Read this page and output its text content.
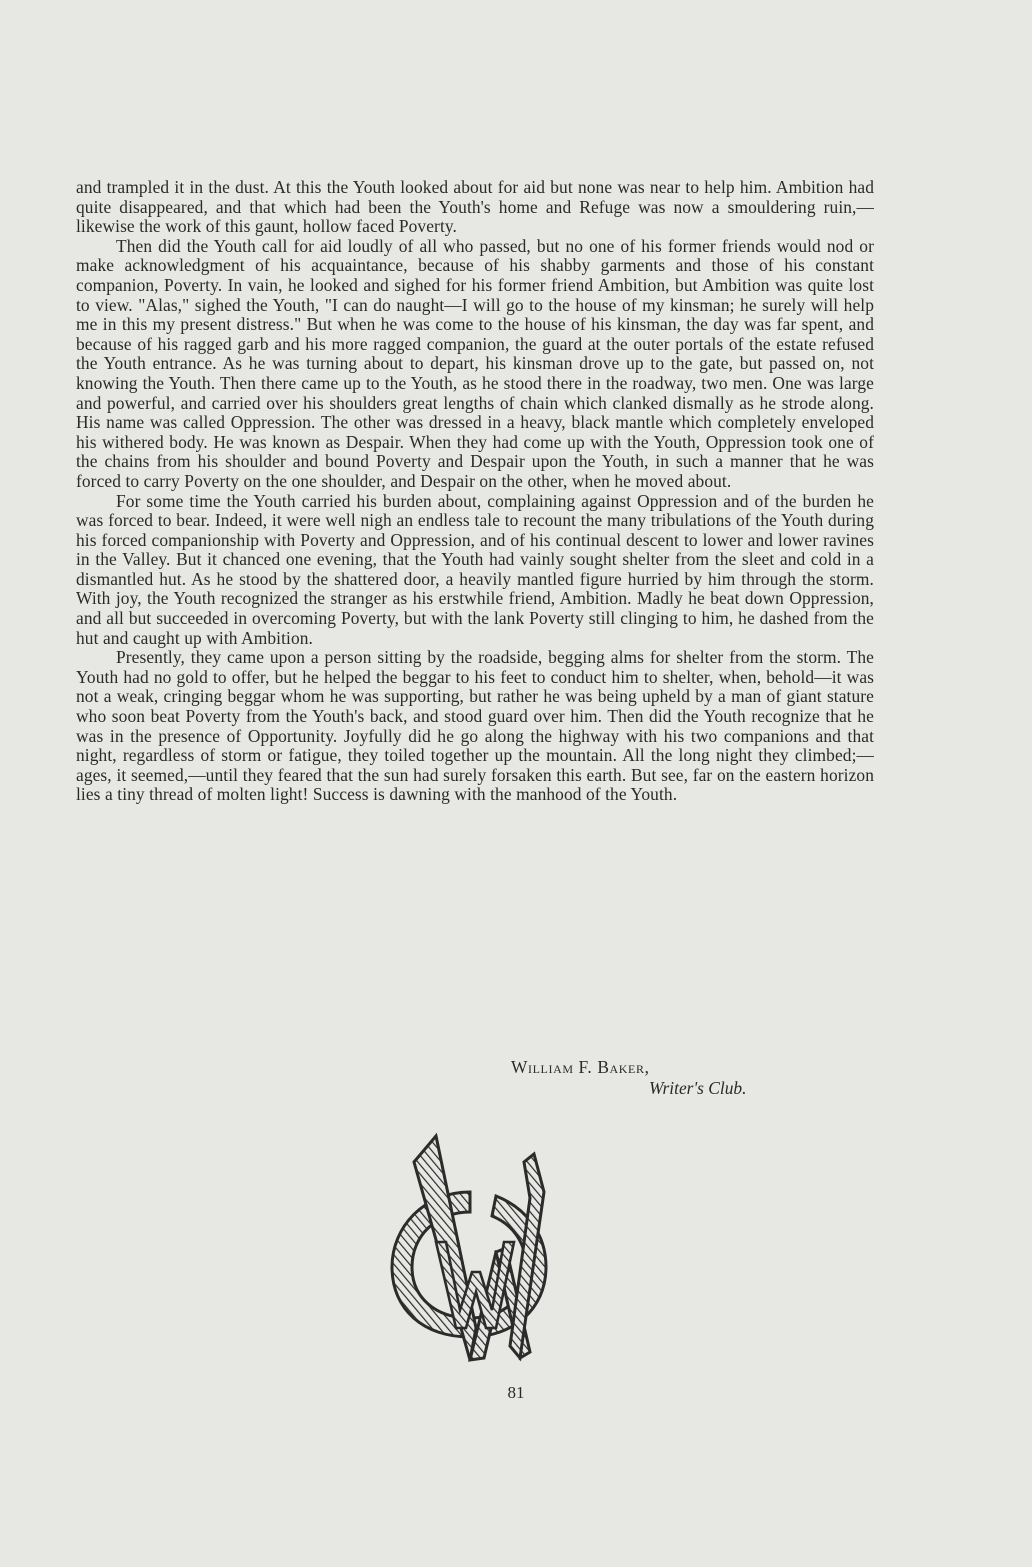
and trampled it in the dust. At this the Youth looked about for aid but none was near to help him. Ambition had quite disappeared, and that which had been the Youth's home and Refuge was now a smouldering ruin,—likewise the work of this gaunt, hollow faced Poverty.

Then did the Youth call for aid loudly of all who passed, but no one of his former friends would nod or make acknowledgment of his acquaintance, because of his shabby garments and those of his constant companion, Poverty. In vain, he looked and sighed for his former friend Ambition, but Ambition was quite lost to view. "Alas," sighed the Youth, "I can do naught—I will go to the house of my kinsman; he surely will help me in this my present distress." But when he was come to the house of his kinsman, the day was far spent, and because of his ragged garb and his more ragged companion, the guard at the outer portals of the estate refused the Youth entrance. As he was turning about to depart, his kinsman drove up to the gate, but passed on, not knowing the Youth. Then there came up to the Youth, as he stood there in the roadway, two men. One was large and powerful, and carried over his shoulders great lengths of chain which clanked dismally as he strode along. His name was called Oppression. The other was dressed in a heavy, black mantle which completely enveloped his withered body. He was known as Despair. When they had come up with the Youth, Oppression took one of the chains from his shoulder and bound Poverty and Despair upon the Youth, in such a manner that he was forced to carry Poverty on the one shoulder, and Despair on the other, when he moved about.

For some time the Youth carried his burden about, complaining against Oppression and of the burden he was forced to bear. Indeed, it were well nigh an endless tale to recount the many tribulations of the Youth during his forced companionship with Poverty and Oppression, and of his continual descent to lower and lower ravines in the Valley. But it chanced one evening, that the Youth had vainly sought shelter from the sleet and cold in a dismantled hut. As he stood by the shattered door, a heavily mantled figure hurried by him through the storm. With joy, the Youth recognized the stranger as his erstwhile friend, Ambition. Madly he beat down Oppression, and all but succeeded in overcoming Poverty, but with the lank Poverty still clinging to him, he dashed from the hut and caught up with Ambition.

Presently, they came upon a person sitting by the roadside, begging alms for shelter from the storm. The Youth had no gold to offer, but he helped the beggar to his feet to conduct him to shelter, when, behold—it was not a weak, cringing beggar whom he was supporting, but rather he was being upheld by a man of giant stature who soon beat Poverty from the Youth's back, and stood guard over him. Then did the Youth recognize that he was in the presence of Opportunity. Joyfully did he go along the highway with his two companions and that night, regardless of storm or fatigue, they toiled together up the mountain. All the long night they climbed;—ages, it seemed,—until they feared that the sun had surely forsaken this earth. But see, far on the eastern horizon lies a tiny thread of molten light! Success is dawning with the manhood of the Youth.

William F. Baker,
Writer's Club.
81
